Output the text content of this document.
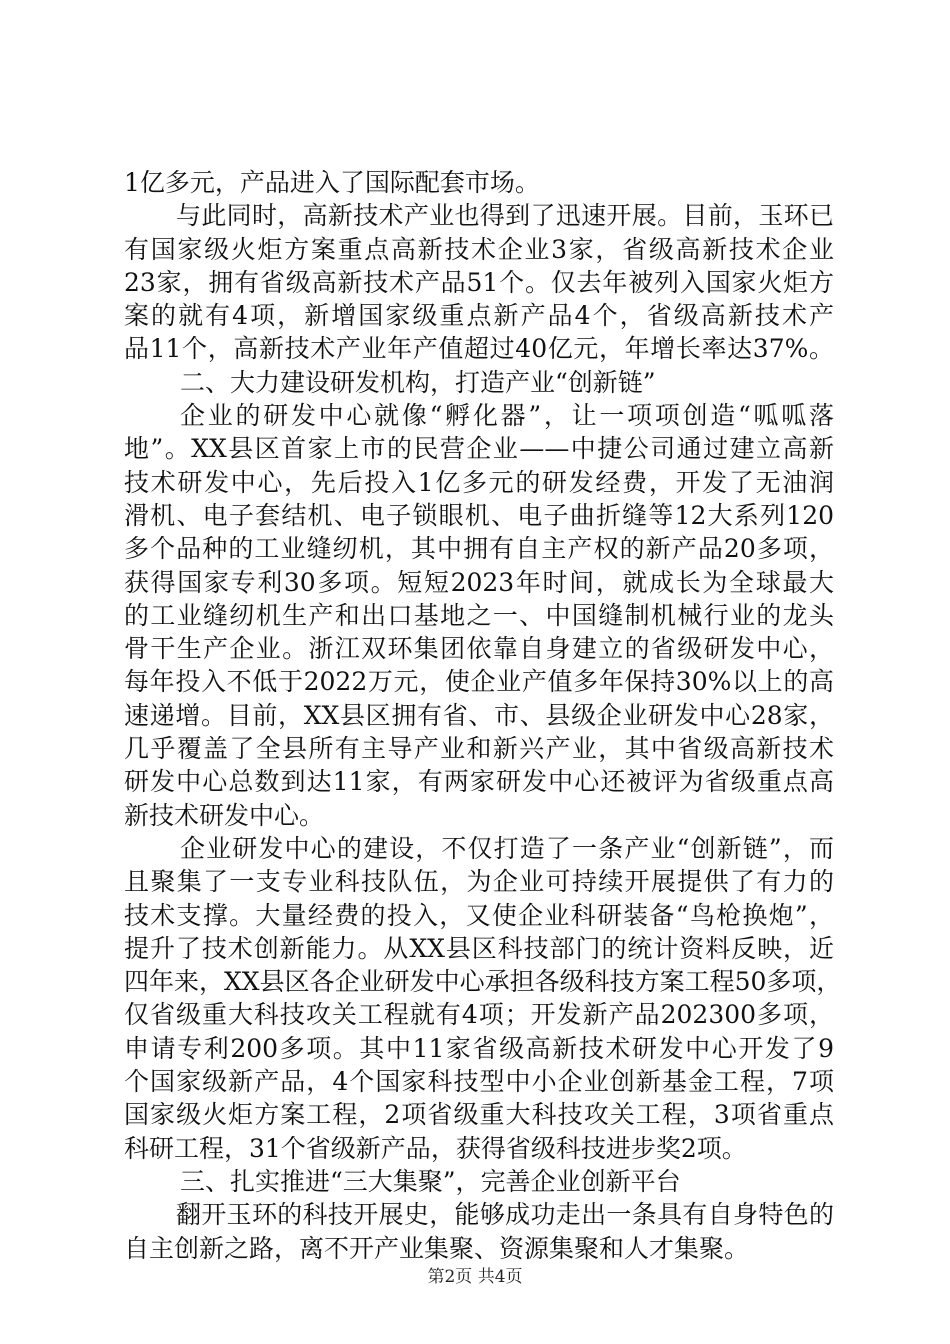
1亿多元，产品进入了国际配套市场。
与此同时，高新技术产业也得到了迅速开展。目前，玉环已
有国家级火炬方案重点高新技术企业3家，省级高新技术企业
23家，拥有省级高新技术产品51个。仅去年被列入国家火炬方
案的就有4项，新增国家级重点新产品4个，省级高新技术产
品11个，高新技术产业年产值超过40亿元，年增长率达37%。
二、大力建设研发机构，打造产业“创新链”
企业的研发中心就像“孵化器”，让一项项创造“呱呱落
地”。XX县区首家上市的民营企业——中捷公司通过建立高新
技术研发中心，先后投入1亿多元的研发经费，开发了无油润
滑机、电子套结机、电子锁眼机、电子曲折缝等12大系列120
多个品种的工业缝纫机，其中拥有自主产权的新产品20多项，
获得国家专利30多项。短短2023年时间，就成长为全球最大
的工业缝纫机生产和出口基地之一、中国缝制机械行业的龙头
骨干生产企业。浙江双环集团依靠自身建立的省级研发中心，
每年投入不低于2022万元，使企业产值多年保持30%以上的高
速递增。目前，XX县区拥有省、市、县级企业研发中心28家，
几乎覆盖了全县所有主导产业和新兴产业，其中省级高新技术
研发中心总数到达11家，有两家研发中心还被评为省级重点高
新技术研发中心。
企业研发中心的建设，不仅打造了一条产业“创新链”，而
且聚集了一支专业科技队伍，为企业可持续开展提供了有力的
技术支撑。大量经费的投入，又使企业科研装备“鸟枪换炮”，
提升了技术创新能力。从XX县区科技部门的统计资料反映，近
四年来，XX县区各企业研发中心承担各级科技方案工程50多项，
仅省级重大科技攻关工程就有4项；开发新产品202300多项，
申请专利200多项。其中11家省级高新技术研发中心开发了9
个国家级新产品，4个国家科技型中小企业创新基金工程，7项
国家级火炬方案工程，2项省级重大科技攻关工程，3项省重点
科研工程，31个省级新产品，获得省级科技进步奖2项。
三、扎实推进“三大集聚”，完善企业创新平台
翻开玉环的科技开展史，能够成功走出一条具有自身特色的
自主创新之路，离不开产业集聚、资源集聚和人才集聚。
第2页 共4页
